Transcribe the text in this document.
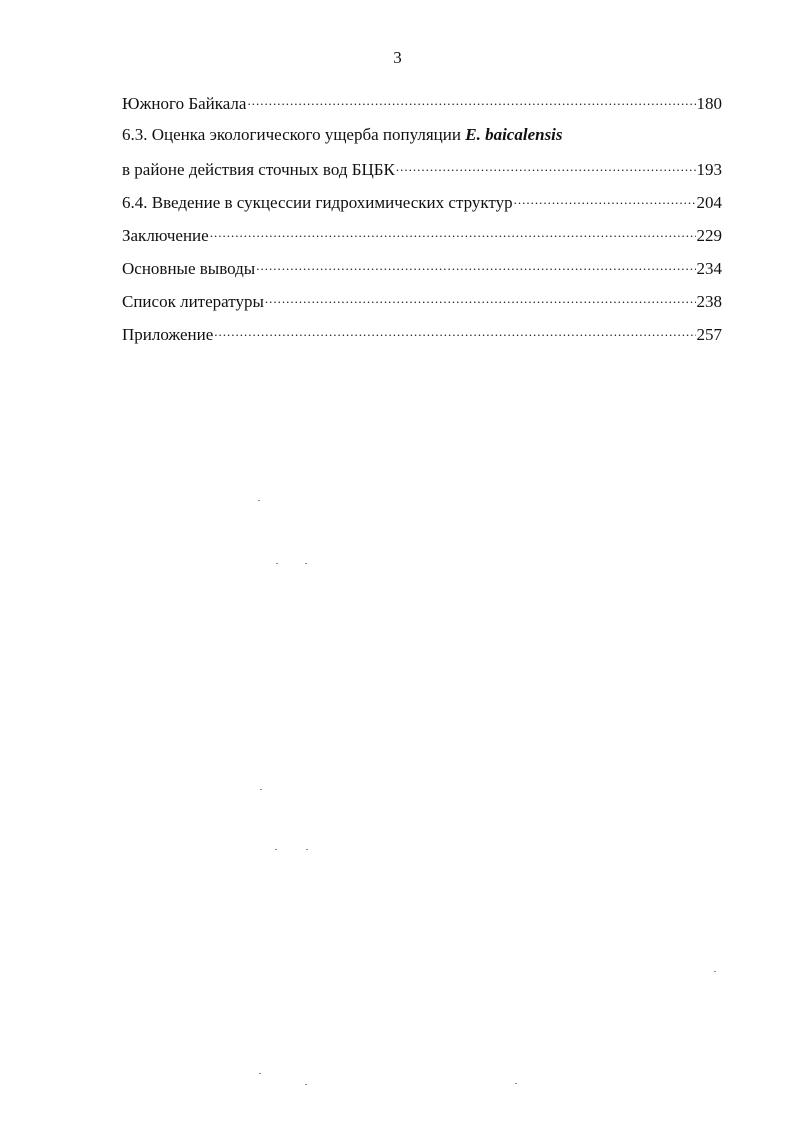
3
Южного Байкала .....	180
6.3. Оценка экологического ущерба популяции E. baicalensis
в районе действия сточных вод БЦБК .....	193
6.4. Введение в сукцессии гидрохимических структур .....	204
Заключение .....	229
Основные выводы .....	234
Список литературы .....	238
Приложение .....	257
